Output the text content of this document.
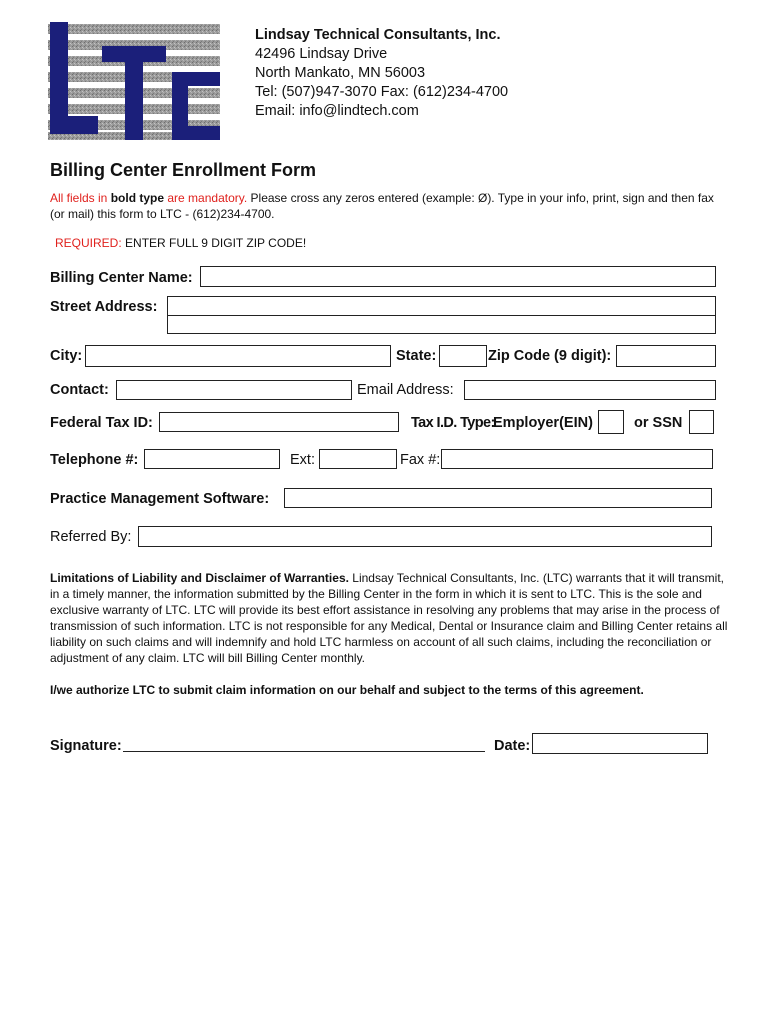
Lindsay Technical Consultants, Inc.
42496 Lindsay Drive
North Mankato, MN 56003
Tel: (507)947-3070 Fax: (612)234-4700
Email: info@lindtech.com
Billing Center Enrollment Form
All fields in bold type are mandatory. Please cross any zeros entered (example: Ø). Type in your info, print, sign and then fax (or mail) this form to LTC - (612)234-4700.
REQUIRED: ENTER FULL 9 DIGIT ZIP CODE!
Billing Center Name:
Street Address:
City:	State:	Zip Code (9 digit):
Contact:	Email Address:
Federal Tax ID:	Tax I.D. Type:
Employer(EIN)	or SSN
Telephone #:	Ext:	Fax #:
Practice Management Software:
Referred By:
Limitations of Liability and Disclaimer of Warranties. Lindsay Technical Consultants, Inc. (LTC) warrants that it will transmit, in a timely manner, the information submitted by the Billing Center in the form in which it is sent to LTC. This is the sole and exclusive warranty of LTC. LTC will provide its best effort assistance in resolving any problems that may arise in the process of transmission of such information. LTC is not responsible for any Medical, Dental or Insurance claim and Billing Center retains all liability on such claims and will indemnify and hold LTC harmless on account of all such claims, including the reconciliation or adjustment of any claim. LTC will bill Billing Center monthly.
I/we authorize LTC to submit claim information on our behalf and subject to the terms of this agreement.
Signature:	Date:
